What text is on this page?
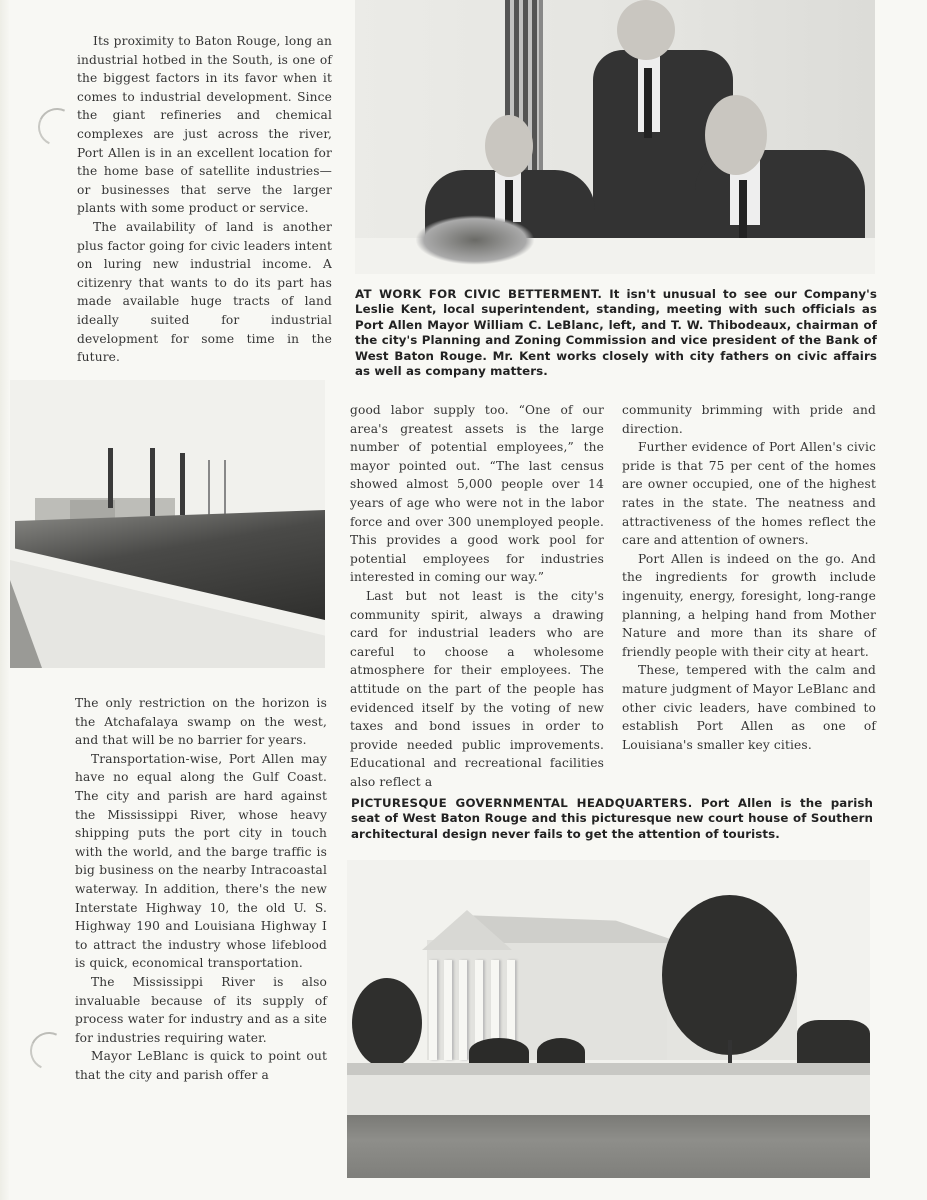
Its proximity to Baton Rouge, long an industrial hotbed in the South, is one of the biggest factors in its favor when it comes to industrial development. Since the giant refineries and chemical complexes are just across the river, Port Allen is in an excellent location for the home base of satellite industries—or businesses that serve the larger plants with some product or service.

The availability of land is another plus factor going for civic leaders intent on luring new industrial income. A citizenry that wants to do its part has made available huge tracts of land ideally suited for industrial development for some time in the future.

AT WORK FOR CIVIC BETTERMENT. It isn't unusual to see our Company's Leslie Kent, local superintendent, standing, meeting with such officials as Port Allen Mayor William C. LeBlanc, left, and T. W. Thibodeaux, chairman of the city's Planning and Zoning Commission and vice president of the Bank of West Baton Rouge. Mr. Kent works closely with city fathers on civic affairs as well as company matters.

The only restriction on the horizon is the Atchafalaya swamp on the west, and that will be no barrier for years.

Transportation-wise, Port Allen may have no equal along the Gulf Coast. The city and parish are hard against the Mississippi River, whose heavy shipping puts the port city in touch with the world, and the barge traffic is big business on the nearby Intracoastal waterway. In addition, there's the new Interstate Highway 10, the old U. S. Highway 190 and Louisiana Highway I to attract the industry whose lifeblood is quick, economical transportation.

The Mississippi River is also invaluable because of its supply of process water for industry and as a site for industries requiring water.

Mayor LeBlanc is quick to point out that the city and parish offer a

good labor supply too. “One of our area's greatest assets is the large number of potential employees,” the mayor pointed out. “The last census showed almost 5,000 people over 14 years of age who were not in the labor force and over 300 unemployed people. This provides a good work pool for potential employees for industries interested in coming our way.”

Last but not least is the city's community spirit, always a drawing card for industrial leaders who are careful to choose a wholesome atmosphere for their employees. The attitude on the part of the people has evidenced itself by the voting of new taxes and bond issues in order to provide needed public improvements. Educational and recreational facilities also reflect a

community brimming with pride and direction.

Further evidence of Port Allen's civic pride is that 75 per cent of the homes are owner occupied, one of the highest rates in the state. The neatness and attractiveness of the homes reflect the care and attention of owners.

Port Allen is indeed on the go. And the ingredients for growth include ingenuity, energy, foresight, long-range planning, a helping hand from Mother Nature and more than its share of friendly people with their city at heart.

These, tempered with the calm and mature judgment of Mayor LeBlanc and other civic leaders, have combined to establish Port Allen as one of Louisiana's smaller key cities.

PICTURESQUE GOVERNMENTAL HEADQUARTERS. Port Allen is the parish seat of West Baton Rouge and this picturesque new court house of Southern architectural design never fails to get the attention of tourists.
